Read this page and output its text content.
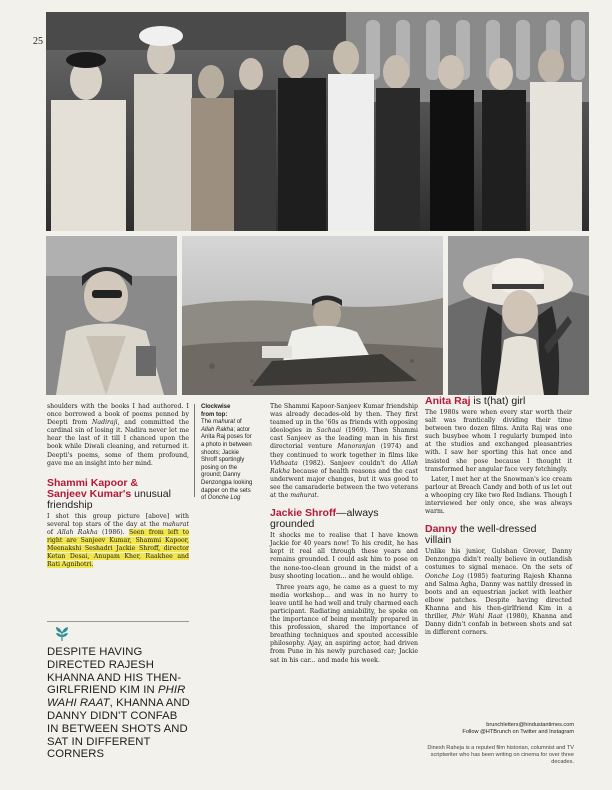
25

shoulders with the books I had authored. I once borrowed a book of poems penned by Deepti from Nadiraji, and committed the cardinal sin of losing it. Nadira never let me hear the last of it till I chanced upon the book while Diwali cleaning, and returned it. Deepti's poems, some of them profound, gave me an insight into her mind.

Shammi Kapoor &
Sanjeev Kumar's unusual
friendship

I shot this group picture [above] with several top stars of the day at the mahurat of Allah Rakha (1986). Seen from left to right are Sanjeev Kumar, Shammi Kapoor, Meenakshi Seshadri Jackie Shroff, director Ketan Desai, Anupam Kher, Raakhee and Rati Agnihotri.

DESPITE HAVING DIRECTED RAJESH KHANNA AND HIS THEN-GIRLFRIEND KIM IN PHIR WAHI RAAT, KHANNA AND DANNY DIDN'T CONFAB IN BETWEEN SHOTS AND SAT IN DIFFERENT CORNERS
Clockwise
from top:
The mahurat of Allah Rakha; actor Anita Raj poses for a photo in between shoots; Jackie Shroff sportingly posing on the ground; Danny Denzongpa looking dapper on the sets of Oonche Log

The Shammi Kapoor-Sanjeev Kumar friendship was already decades-old by then. They first teamed up in the '60s as friends with opposing ideologies in Sachaai (1969). Then Shammi cast Sanjeev as the leading man in his first directorial venture Manoranjan (1974) and they continued to work together in films like Vidhaata (1982). Sanjeev couldn't do Allah Rakha because of health reasons and the cast underwent major changes, but it was good to see the camaraderie between the two veterans at the mahurat.

Jackie Shroff—always
grounded

It shocks me to realise that I have known Jackie for 40 years now! To his credit, he has kept it real all through these years and remains grounded. I could ask him to pose on the none-too-clean ground in the midst of a busy shooting location... and he would oblige.

Three years ago, he came as a guest to my media workshop... and was in no hurry to leave until he had well and truly charmed each participant. Radiating amiability, he spoke on the importance of being mentally prepared in this profession, shared the importance of breathing techniques and spouted accessible philosophy. Ajay, an aspiring actor, had driven from Pune in his newly purchased car; Jackie sat in his car... and made his week.

Anita Raj is t(hat) girl

The 1980s were when every star worth their salt was frantically dividing their time between two dozen films. Anita Raj was one such busybee whom I regularly bumped into at the studios and exchanged pleasantries with. I saw her sporting this hat once and insisted she pose because I thought it transformed her angular face very fetchingly.

Later, I met her at the Snowman's ice cream parlour at Breach Candy and both of us let out a whooping cry like two Red Indians. Though I interviewed her only once, she was always warm.

Danny the well-dressed
villain

Unlike his junior, Gulshan Grover, Danny Denzongpa didn't really believe in outlandish costumes to signal menace. On the sets of Oonche Log (1985) featuring Rajesh Khanna and Salma Agha, Danny was nattily dressed in boots and an equestrian jacket with leather elbow patches. Despite having directed Khanna and his then-girlfriend Kim in a thriller, Phir Wahi Raat (1980), Khanna and Danny didn't confab in between shots and sat in different corners.

brunchletters@hindustantimes.com
Follow @HTBrunch on Twitter and Instagram
Dinesh Raheja is a reputed film historian, columnist and TV scriptwriter who has been writing on cinema for over three decades.
